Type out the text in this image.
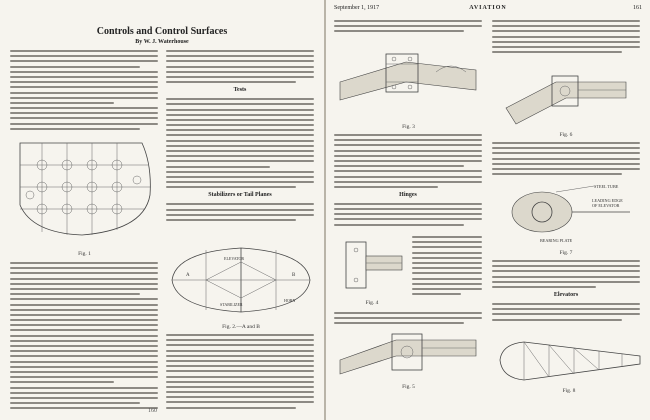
Controls and Control Surfaces
By W. J. Waterhouse
Tests
Stabilizers or Tail Planes
Fig. 1
A	B
ELEVATOR
STABILIZER
HORN
Fig. 2.—A and B
160
September 1, 1917	AVIATION	161
Fig. 3
Hinges
Fig. 4
Fig. 5
Fig. 6
STEEL TUBE
LEADING EDGE
OF ELEVATOR
BEARING PLATE
Fig. 7
Elevators
Fig. 8
